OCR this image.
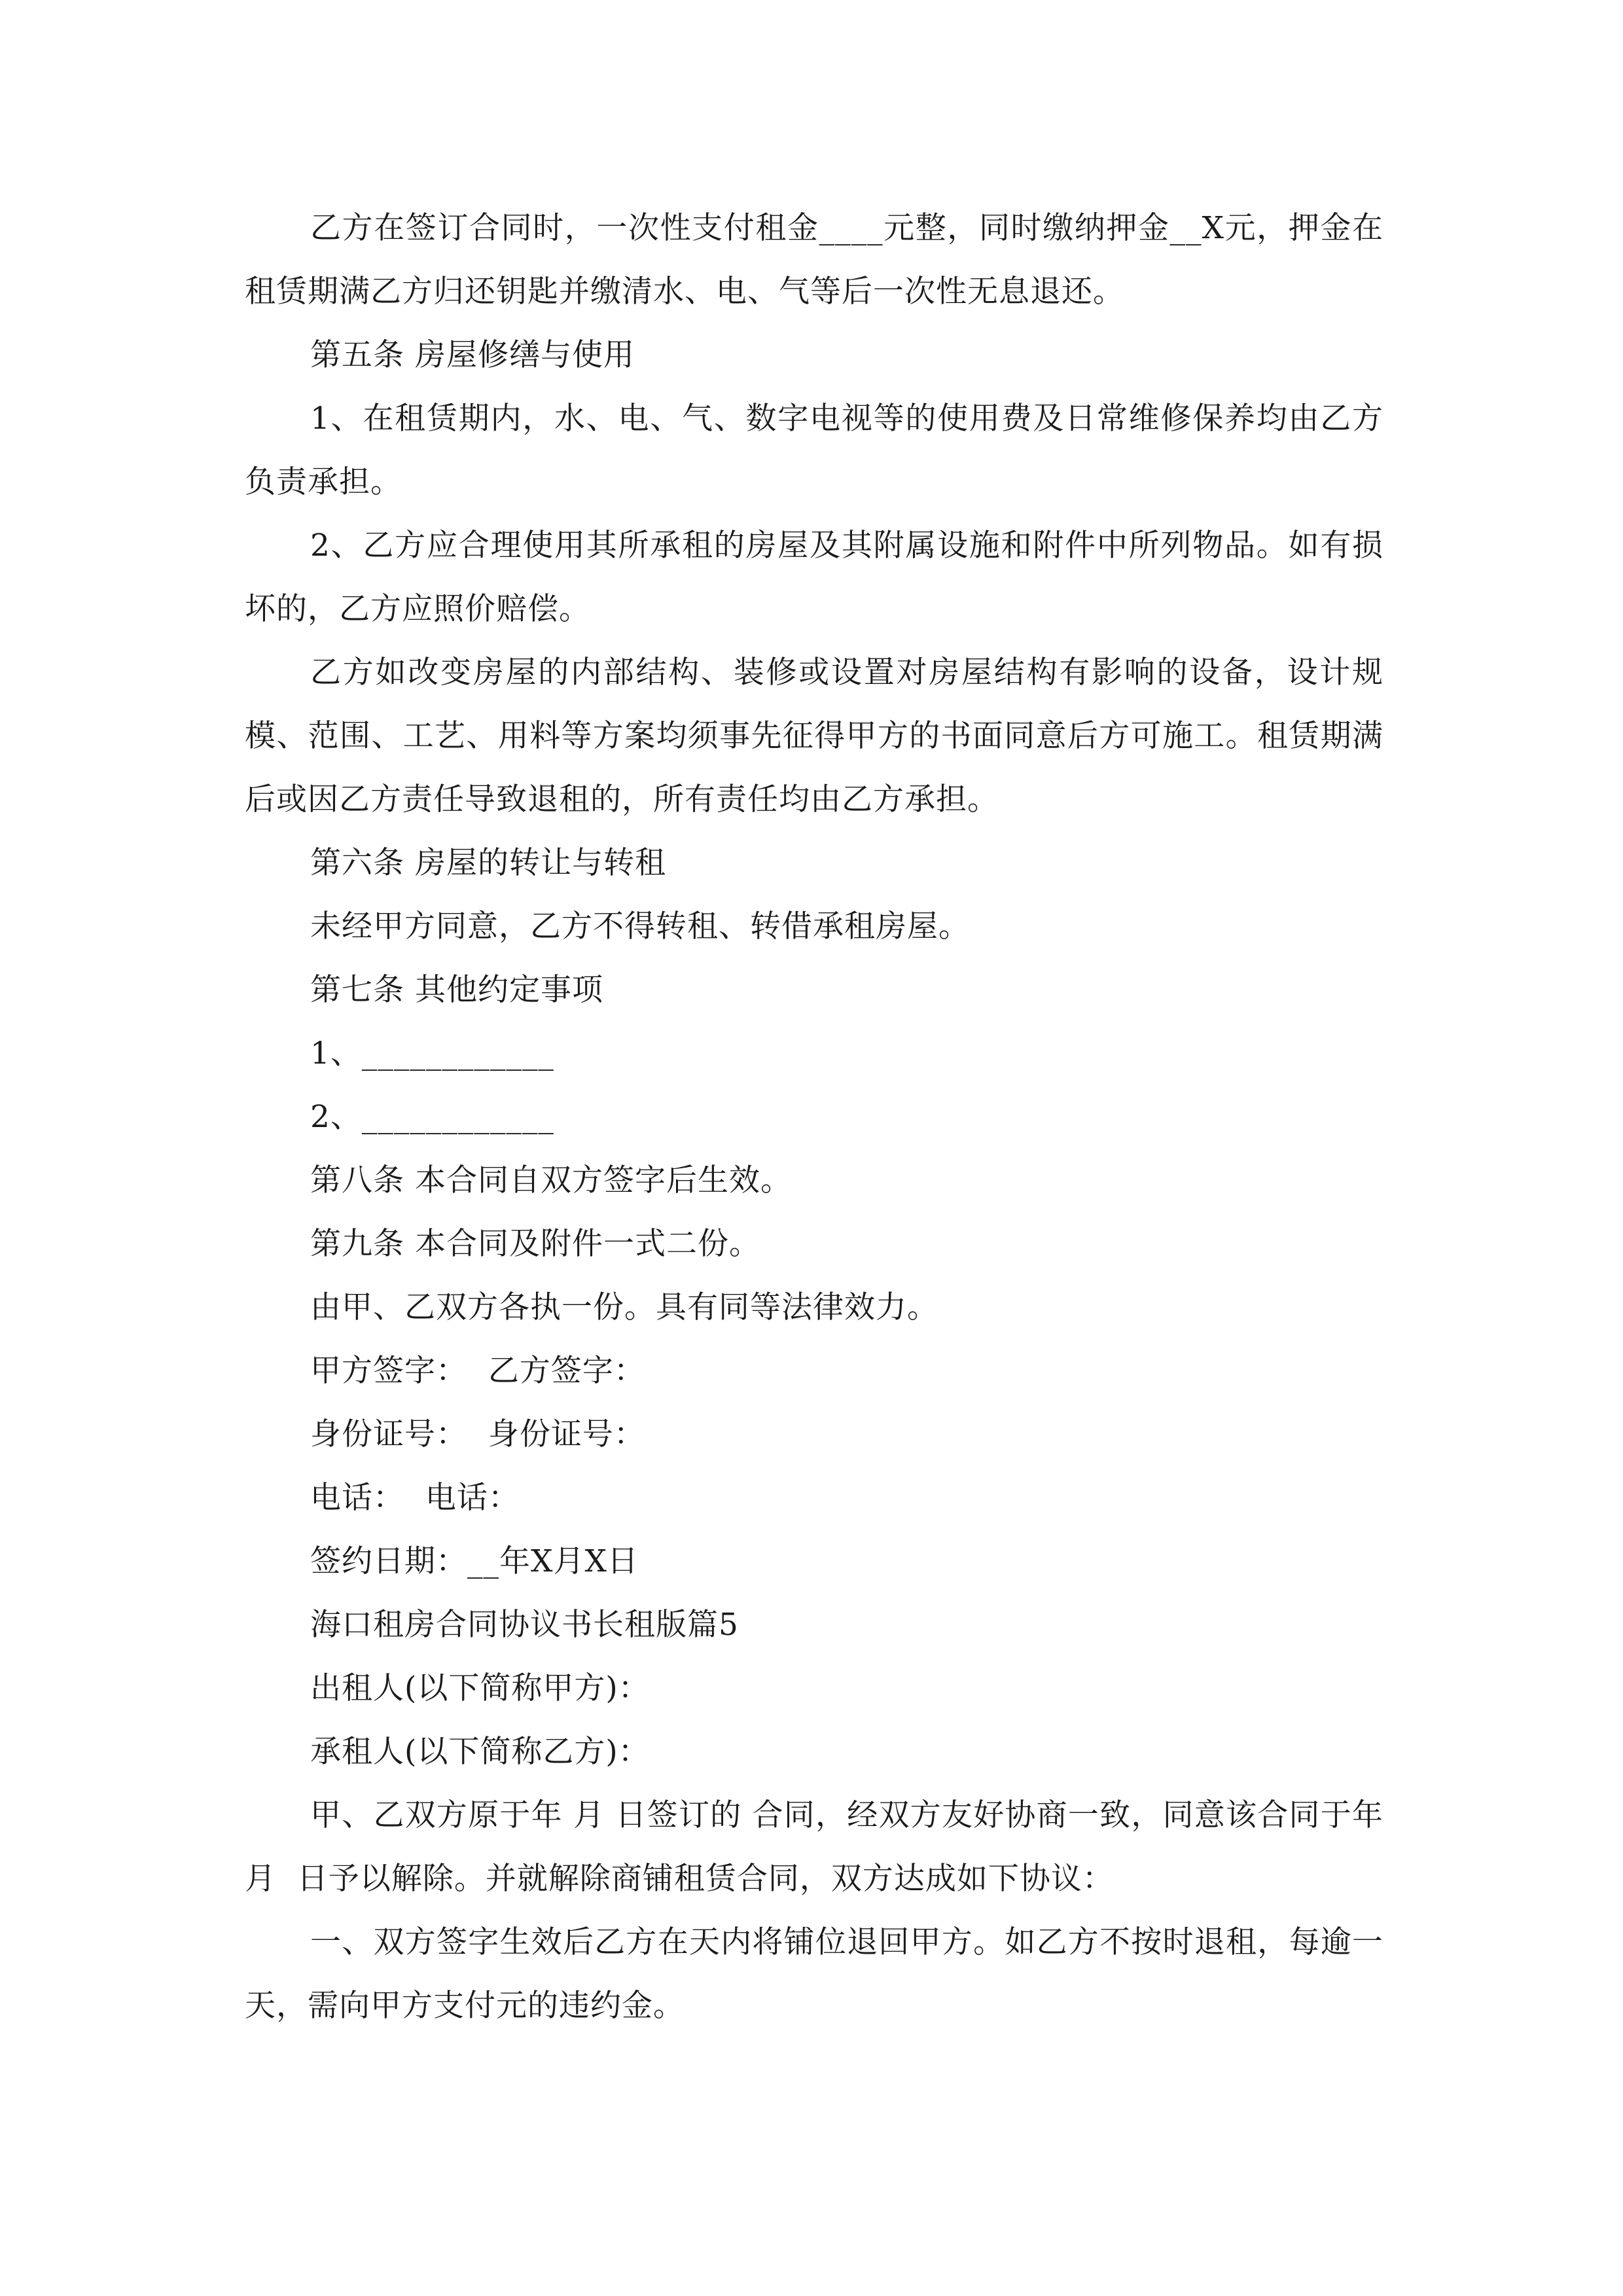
乙方在签订合同时，一次性支付租金____元整，同时缴纳押金__X元，押金在租赁期满乙方归还钥匙并缴清水、电、气等后一次性无息退还。

第五条 房屋修缮与使用

1、在租赁期内，水、电、气、数字电视等的使用费及日常维修保养均由乙方负责承担。

2、乙方应合理使用其所承租的房屋及其附属设施和附件中所列物品。如有损坏的，乙方应照价赔偿。

乙方如改变房屋的内部结构、装修或设置对房屋结构有影响的设备，设计规模、范围、工艺、用料等方案均须事先征得甲方的书面同意后方可施工。租赁期满后或因乙方责任导致退租的，所有责任均由乙方承担。

第六条 房屋的转让与转租

未经甲方同意，乙方不得转租、转借承租房屋。

第七条 其他约定事项

1、____________

2、____________

第八条 本合同自双方签字后生效。

第九条 本合同及附件一式二份。

由甲、乙双方各执一份。具有同等法律效力。

甲方签字：  乙方签字：

身份证号：  身份证号：

电话：  电话：

签约日期：__年X月X日

海口租房合同协议书长租版篇5

出租人(以下简称甲方)：

承租人(以下简称乙方)：

甲、乙双方原于年 月 日签订的 合同，经双方友好协商一致，同意该合同于年  月  日予以解除。并就解除商铺租赁合同，双方达成如下协议：

一、双方签字生效后乙方在天内将铺位退回甲方。如乙方不按时退租，每逾一天，需向甲方支付元的违约金。
